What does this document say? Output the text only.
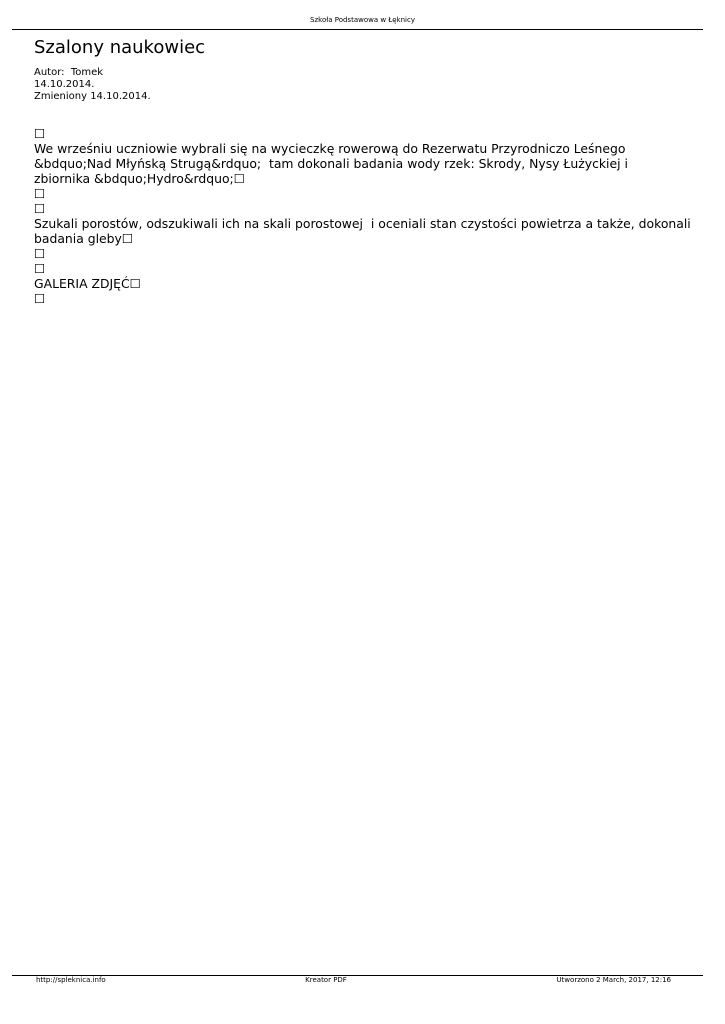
Szkoła Podstawowa w Łęknicy
Szalony naukowiec
Autor:  Tomek
14.10.2014.
Zmieniony 14.10.2014.
☐
We wrześniu uczniowie wybrali się na wycieczkę rowerową do Rezerwatu Przyrodniczo Leśnego
&bdquo;Nad Młyńską Strugą&rdquo;  tam dokonali badania wody rzek: Skrody, Nysy Łużyckiej i
zbiornika &bdquo;Hydro&rdquo;☐
☐
☐
Szukali porostów, odszukiwali ich na skali porostowej  i oceniali stan czystości powietrza a także, dokonali
badania gleby☐
☐
☐
GALERIA ZDJĘĆ☐
☐
http://spleknica.info	Kreator PDF	Utworzono 2 March, 2017, 12:16
